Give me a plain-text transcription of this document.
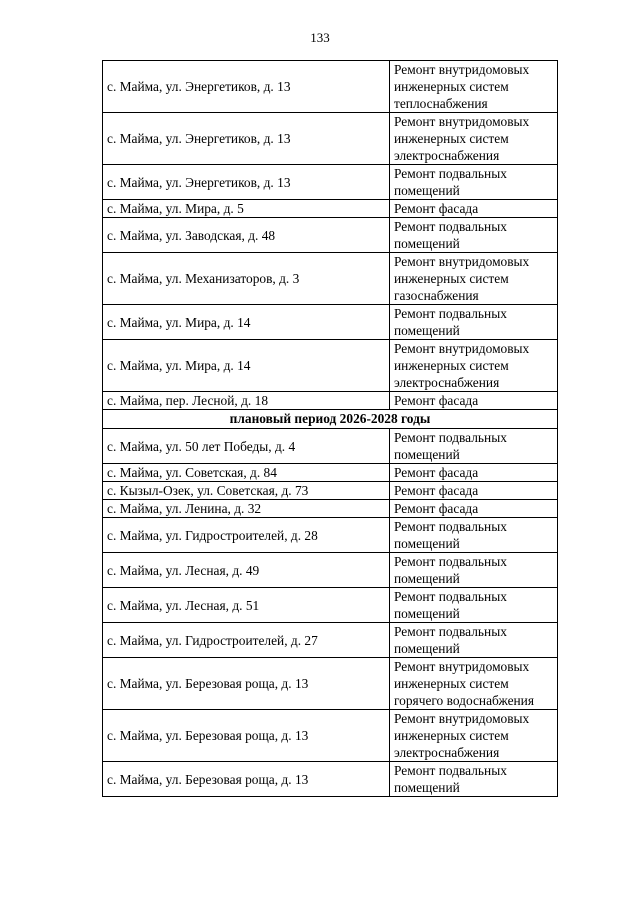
133
с. Майма, ул. Энергетиков, д. 13	Ремонт внутридомовых
инженерных систем
теплоснабжения
с. Майма, ул. Энергетиков, д. 13	Ремонт внутридомовых
инженерных систем
электроснабжения
с. Майма, ул. Энергетиков, д. 13	Ремонт подвальных
помещений
с. Майма, ул. Мира, д. 5	Ремонт фасада
с. Майма, ул. Заводская, д. 48	Ремонт подвальных
помещений
с. Майма, ул. Механизаторов, д. 3	Ремонт внутридомовых
инженерных систем
газоснабжения
с. Майма, ул. Мира, д. 14	Ремонт подвальных
помещений
с. Майма, ул. Мира, д. 14	Ремонт внутридомовых
инженерных систем
электроснабжения
с. Майма, пер. Лесной, д. 18	Ремонт фасада
плановый период 2026-2028 годы	
с. Майма, ул. 50 лет Победы, д. 4	Ремонт подвальных
помещений
с. Майма, ул. Советская, д. 84	Ремонт фасада
с. Кызыл-Озек, ул. Советская, д. 73	Ремонт фасада
с. Майма, ул. Ленина, д. 32	Ремонт фасада
с. Майма, ул. Гидростроителей, д. 28	Ремонт подвальных
помещений
с. Майма, ул. Лесная, д. 49	Ремонт подвальных
помещений
с. Майма, ул. Лесная, д. 51	Ремонт подвальных
помещений
с. Майма, ул. Гидростроителей, д. 27	Ремонт подвальных
помещений
с. Майма, ул. Березовая роща, д. 13	Ремонт внутридомовых
инженерных систем
горячего водоснабжения
с. Майма, ул. Березовая роща, д. 13	Ремонт внутридомовых
инженерных систем
электроснабжения
с. Майма, ул. Березовая роща, д. 13	Ремонт подвальных
помещений
